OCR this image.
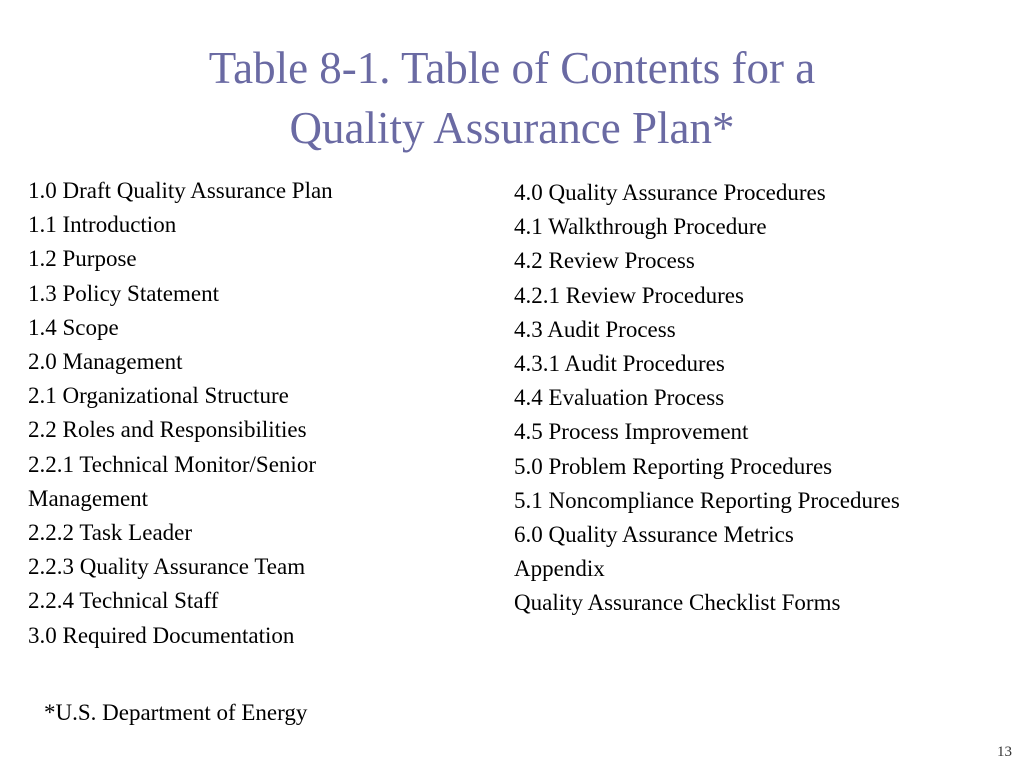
Table 8-1. Table of Contents for a
Quality Assurance Plan*
1.0 Draft Quality Assurance Plan
1.1 Introduction
1.2 Purpose
1.3 Policy Statement
1.4 Scope
2.0 Management
2.1 Organizational Structure
2.2 Roles and Responsibilities
2.2.1 Technical Monitor/Senior Management
2.2.2 Task Leader
2.2.3 Quality Assurance Team
2.2.4 Technical Staff
3.0 Required Documentation
4.0 Quality Assurance Procedures
4.1 Walkthrough Procedure
4.2 Review Process
4.2.1 Review Procedures
4.3 Audit Process
4.3.1 Audit Procedures
4.4 Evaluation Process
4.5 Process Improvement
5.0 Problem Reporting Procedures
5.1 Noncompliance Reporting Procedures
6.0 Quality Assurance Metrics
Appendix
Quality Assurance Checklist Forms
*U.S. Department of Energy
13
